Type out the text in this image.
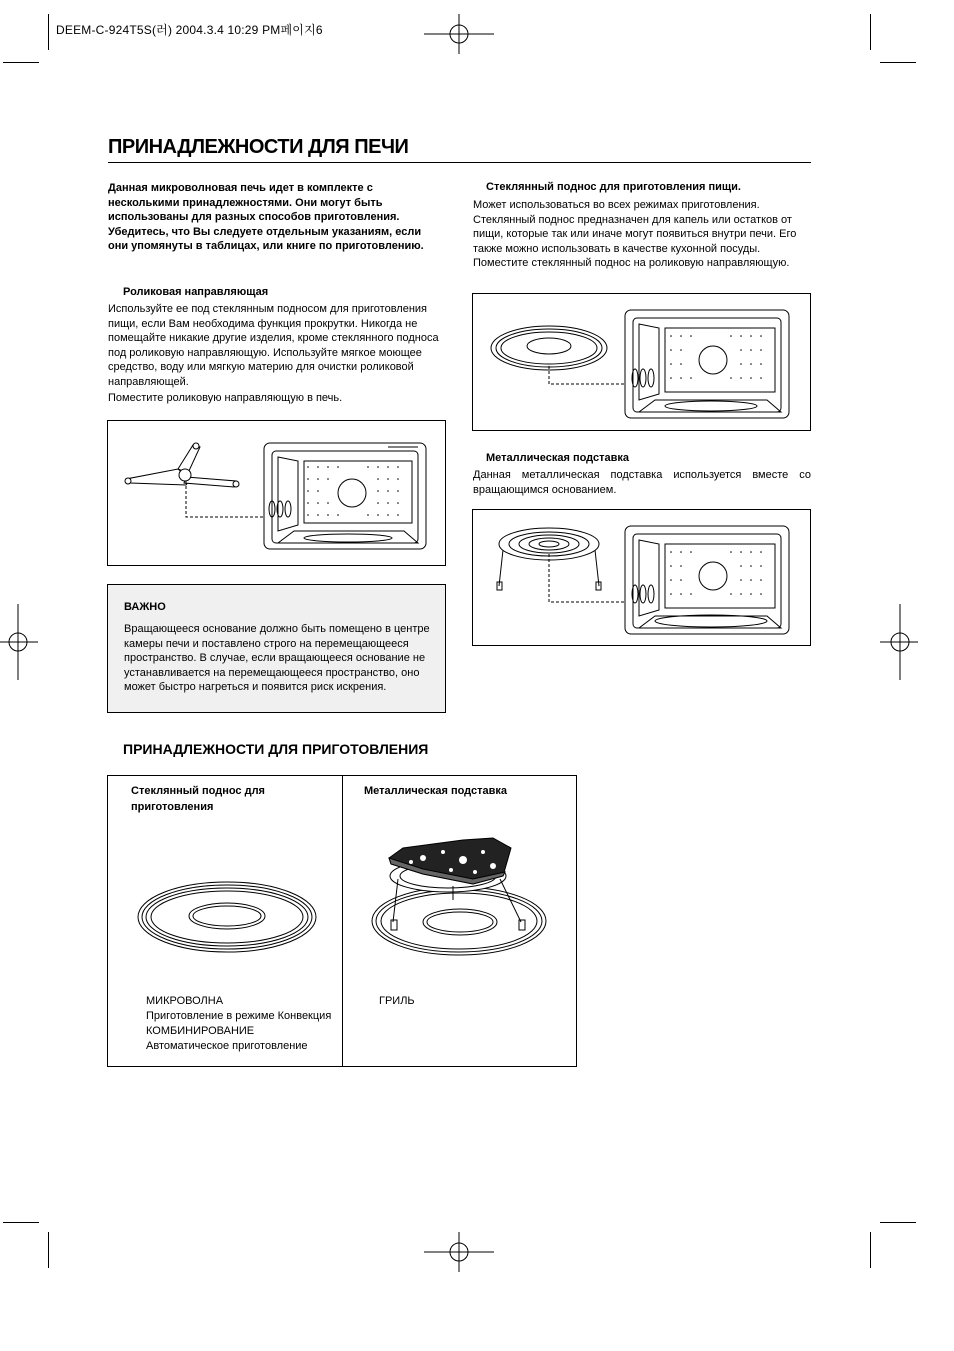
DEEM-C-924T5S(러) 2004.3.4 10:29 PM페이지6
ПРИНАДЛЕЖНОСТИ ДЛЯ ПЕЧИ
Данная микроволновая печь идет в комплекте с несколькими принадлежностями. Они могут быть использованы для разных способов приготовления. Убедитесь, что Вы следуете отдельным указаниям, если они упомянуты в таблицах, или книге по приготовлению.
Роликовая направляющая
Используйте ее под стеклянным подносом для приготовления пищи, если Вам необходима функция прокрутки. Никогда не помещайте никакие другие изделия, кроме стеклянного подноса под роликовую направляющую. Используйте мягкое моющее средство, воду или мягкую материю для очистки роликовой направляющей.
Поместите роликовую направляющую в печь.
ВАЖНО
Вращающееся основание должно быть помещено в центре камеры печи и поставлено строго на перемещающееся пространство. В случае, если вращающееся основание не устанавливается на перемещающееся пространство, оно может быстро нагреться и появится риск искрения.
Стеклянный поднос для приготовления пищи.
Может использоваться во всех режимах приготовления. Стеклянный поднос предназначен для капель или остатков от пищи, которые так или иначе могут появиться внутри печи. Его также можно использовать в качестве кухонной посуды. Поместите стеклянный поднос на роликовую направляющую.
Металлическая подставка
Данная металлическая подставка используется вместе со вращающимся основанием.
ПРИНАДЛЕЖНОСТИ ДЛЯ ПРИГОТОВЛЕНИЯ
Стеклянный поднос для
приготовления
Металлическая подставка
МИКРОВОЛНА
Приготовление в режиме Конвекция
КОМБИНИРОВАНИЕ
Автоматическое приготовление
ГРИЛЬ
